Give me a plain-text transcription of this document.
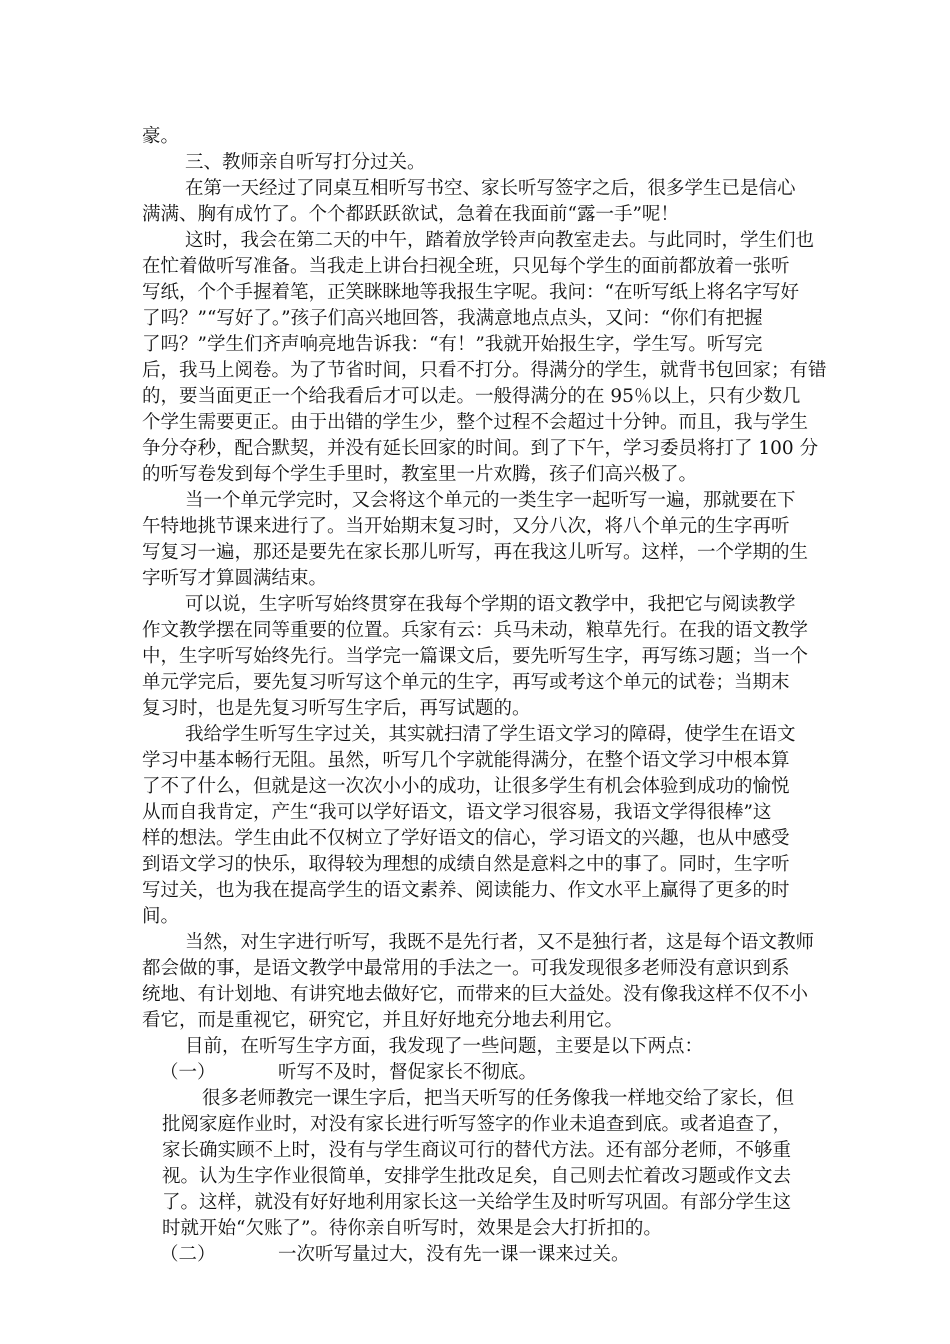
豪。
三、教师亲自听写打分过关。
在第一天经过了同桌互相听写书空、家长听写签字之后，很多学生已是信心
满满、胸有成竹了。个个都跃跃欲试，急着在我面前“露一手”呢！
这时，我会在第二天的中午，踏着放学铃声向教室走去。与此同时，学生们也
在忙着做听写准备。当我走上讲台扫视全班，只见每个学生的面前都放着一张听
写纸，个个手握着笔，正笑眯眯地等我报生字呢。我问：“在听写纸上将名字写好
了吗？”“写好了。”孩子们高兴地回答，我满意地点点头，又问：“你们有把握
了吗？”学生们齐声响亮地告诉我：“有！”我就开始报生字，学生写。听写完
后，我马上阅卷。为了节省时间，只看不打分。得满分的学生，就背书包回家；有错
的，要当面更正一个给我看后才可以走。一般得满分的在 95％以上，只有少数几
个学生需要更正。由于出错的学生少，整个过程不会超过十分钟。而且，我与学生
争分夺秒，配合默契，并没有延长回家的时间。到了下午，学习委员将打了 100 分
的听写卷发到每个学生手里时，教室里一片欢腾，孩子们高兴极了。
当一个单元学完时，又会将这个单元的一类生字一起听写一遍，那就要在下
午特地挑节课来进行了。当开始期末复习时，又分八次，将八个单元的生字再听
写复习一遍，那还是要先在家长那儿听写，再在我这儿听写。这样，一个学期的生
字听写才算圆满结束。
可以说，生字听写始终贯穿在我每个学期的语文教学中，我把它与阅读教学
作文教学摆在同等重要的位置。兵家有云：兵马未动，粮草先行。在我的语文教学
中，生字听写始终先行。当学完一篇课文后，要先听写生字，再写练习题；当一个
单元学完后，要先复习听写这个单元的生字，再写或考这个单元的试卷；当期末
复习时，也是先复习听写生字后，再写试题的。
我给学生听写生字过关，其实就扫清了学生语文学习的障碍，使学生在语文
学习中基本畅行无阻。虽然，听写几个字就能得满分，在整个语文学习中根本算
了不了什么，但就是这一次次小小的成功，让很多学生有机会体验到成功的愉悦
从而自我肯定，产生“我可以学好语文，语文学习很容易，我语文学得很棒”这
样的想法。学生由此不仅树立了学好语文的信心，学习语文的兴趣，也从中感受
到语文学习的快乐，取得较为理想的成绩自然是意料之中的事了。同时，生字听
写过关，也为我在提高学生的语文素养、阅读能力、作文水平上赢得了更多的时
间。
当然，对生字进行听写，我既不是先行者，又不是独行者，这是每个语文教师
都会做的事，是语文教学中最常用的手法之一。可我发现很多老师没有意识到系
统地、有计划地、有讲究地去做好它，而带来的巨大益处。没有像我这样不仅不小
看它，而是重视它，研究它，并且好好地充分地去利用它。
目前，在听写生字方面，我发现了一些问题，主要是以下两点：
（一）	听写不及时，督促家长不彻底。
很多老师教完一课生字后，把当天听写的任务像我一样地交给了家长，但
批阅家庭作业时，对没有家长进行听写签字的作业未追查到底。或者追查了，
家长确实顾不上时，没有与学生商议可行的替代方法。还有部分老师，不够重
视。认为生字作业很简单，安排学生批改足矣，自己则去忙着改习题或作文去
了。这样，就没有好好地利用家长这一关给学生及时听写巩固。有部分学生这
时就开始“欠账了”。待你亲自听写时，效果是会大打折扣的。
（二）	一次听写量过大，没有先一课一课来过关。
